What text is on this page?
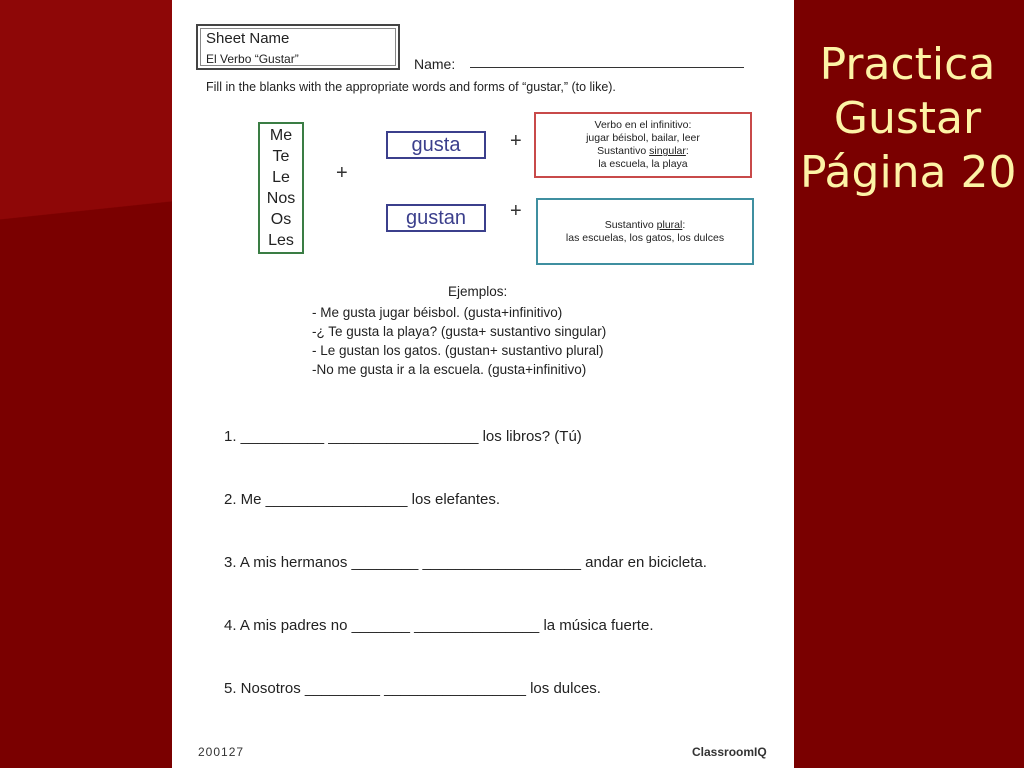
Sheet Name
El Verbo “Gustar”	Name:
Fill in the blanks with the appropriate words and forms of “gustar,” (to like).
Me
Te
Le
Nos
Os
Les
+
gusta
gustan
+
+
Verbo en el infinitivo:
jugar béisbol, bailar, leer
Sustantivo singular:
la escuela, la playa
Sustantivo plural:
las escuelas, los gatos, los dulces
Ejemplos:
- Me gusta jugar béisbol. (gusta+infinitivo)
-¿ Te gusta la playa? (gusta+ sustantivo singular)
- Le gustan los gatos. (gustan+ sustantivo plural)
-No me gusta ir a la escuela. (gusta+infinitivo)
1. __________ __________________ los libros? (Tú)
2. Me _________________ los elefantes.
3. A mis hermanos ________ ___________________ andar en bicicleta.
4. A mis padres no _______ _______________ la música fuerte.
5. Nosotros _________ _________________ los dulces.
200127	ClassroomIQ
Practica
Gustar
Página 20
